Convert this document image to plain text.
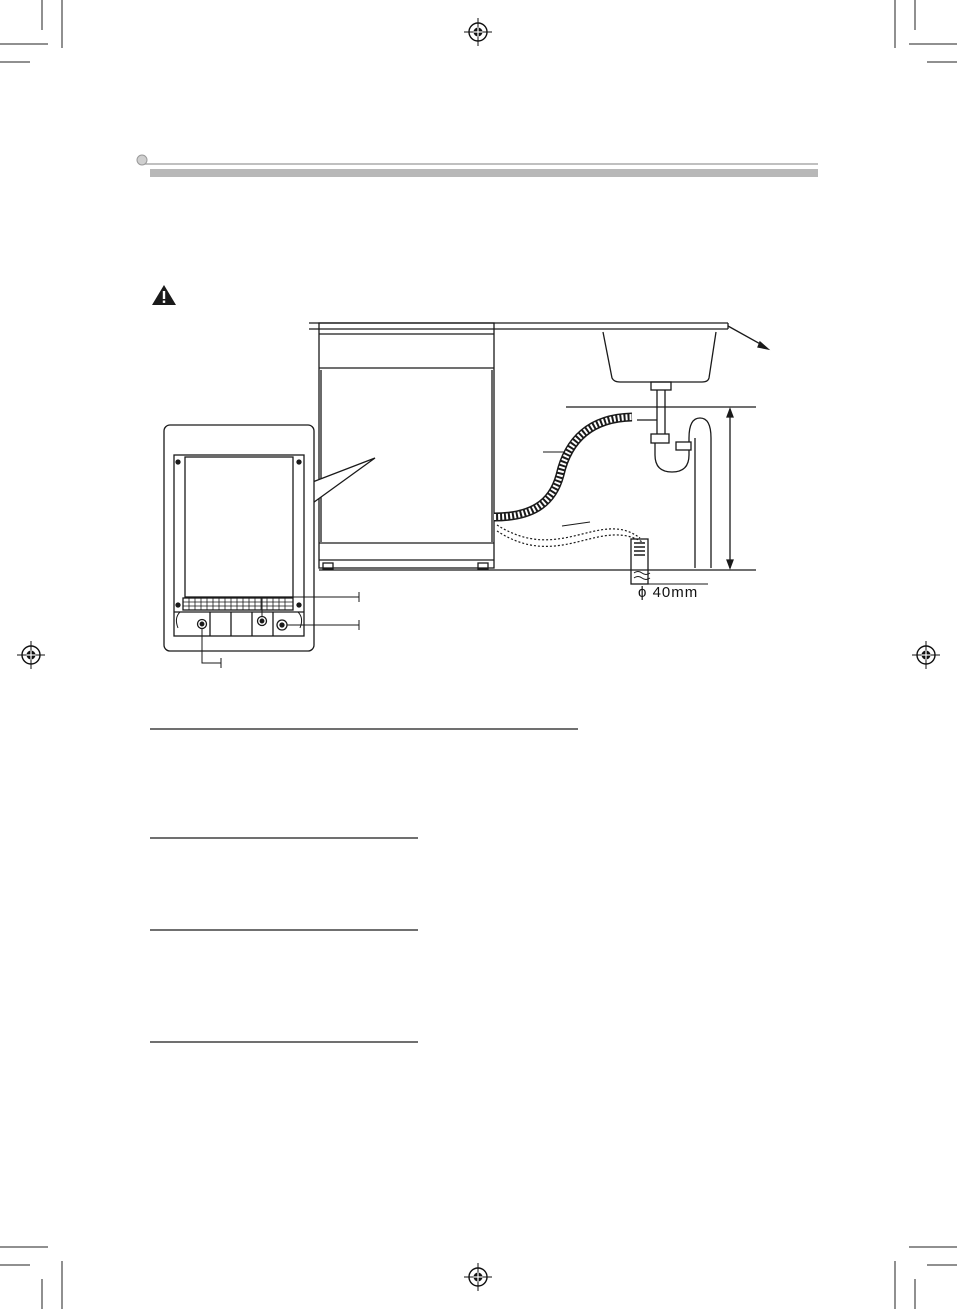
ϕ 40mm
